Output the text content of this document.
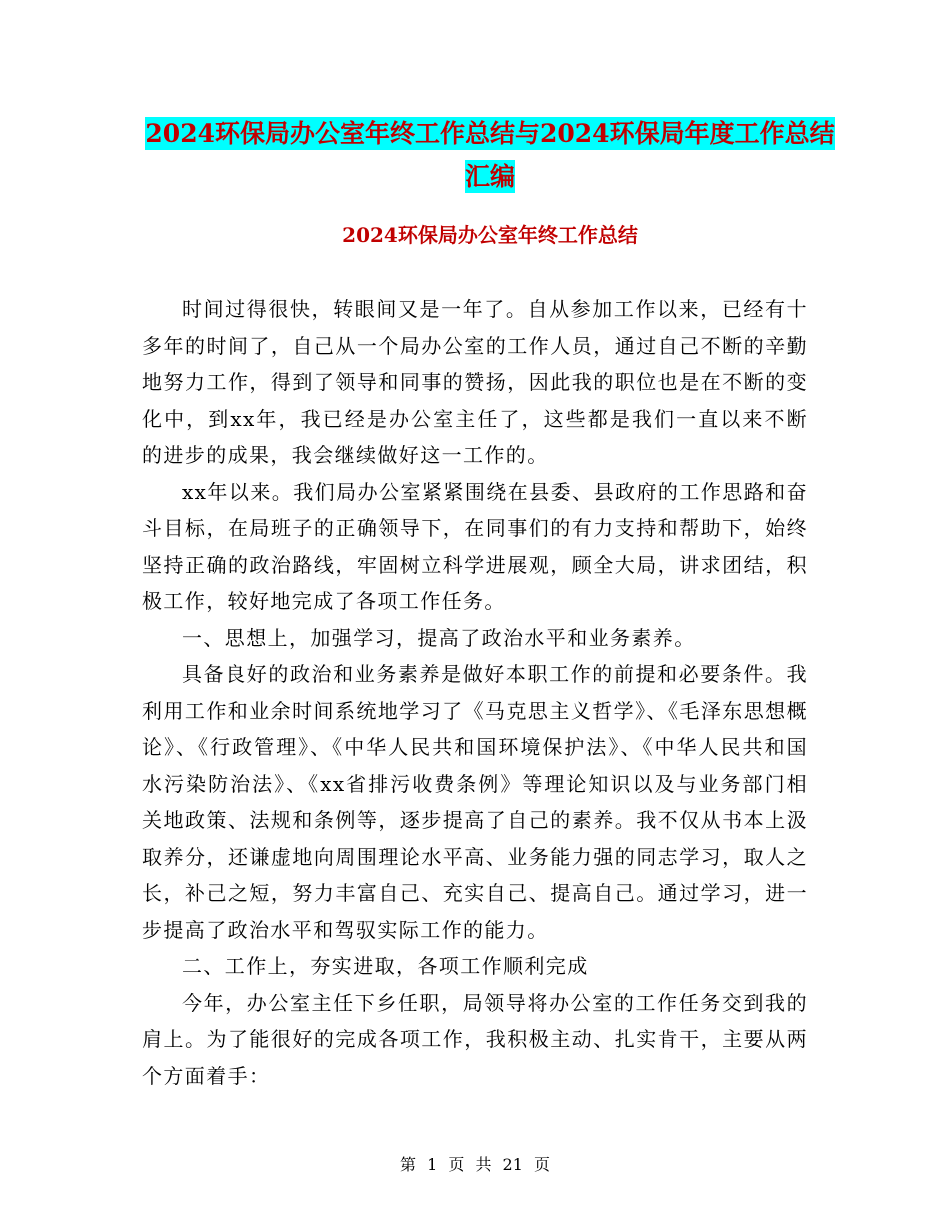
2024环保局办公室年终工作总结与2024环保局年度工作总结汇编
2024环保局办公室年终工作总结

时间过得很快，转眼间又是一年了。自从参加工作以来，已经有十多年的时间了，自己从一个局办公室的工作人员，通过自己不断的辛勤地努力工作，得到了领导和同事的赞扬，因此我的职位也是在不断的变化中，到xx年，我已经是办公室主任了，这些都是我们一直以来不断的进步的成果，我会继续做好这一工作的。

xx年以来。我们局办公室紧紧围绕在县委、县政府的工作思路和奋斗目标，在局班子的正确领导下，在同事们的有力支持和帮助下，始终坚持正确的政治路线，牢固树立科学进展观，顾全大局，讲求团结，积极工作，较好地完成了各项工作任务。

一、思想上，加强学习，提高了政治水平和业务素养。

具备良好的政治和业务素养是做好本职工作的前提和必要条件。我利用工作和业余时间系统地学习了《马克思主义哲学》、《毛泽东思想概论》、《行政管理》、《中华人民共和国环境保护法》、《中华人民共和国水污染防治法》、《xx省排污收费条例》等理论知识以及与业务部门相关地政策、法规和条例等，逐步提高了自己的素养。我不仅从书本上汲取养分，还谦虚地向周围理论水平高、业务能力强的同志学习，取人之长，补己之短，努力丰富自己、充实自己、提高自己。通过学习，进一步提高了政治水平和驾驭实际工作的能力。

二、工作上，夯实进取，各项工作顺利完成

今年，办公室主任下乡任职，局领导将办公室的工作任务交到我的肩上。为了能很好的完成各项工作，我积极主动、扎实肯干，主要从两个方面着手：

第 1 页 共 21 页
